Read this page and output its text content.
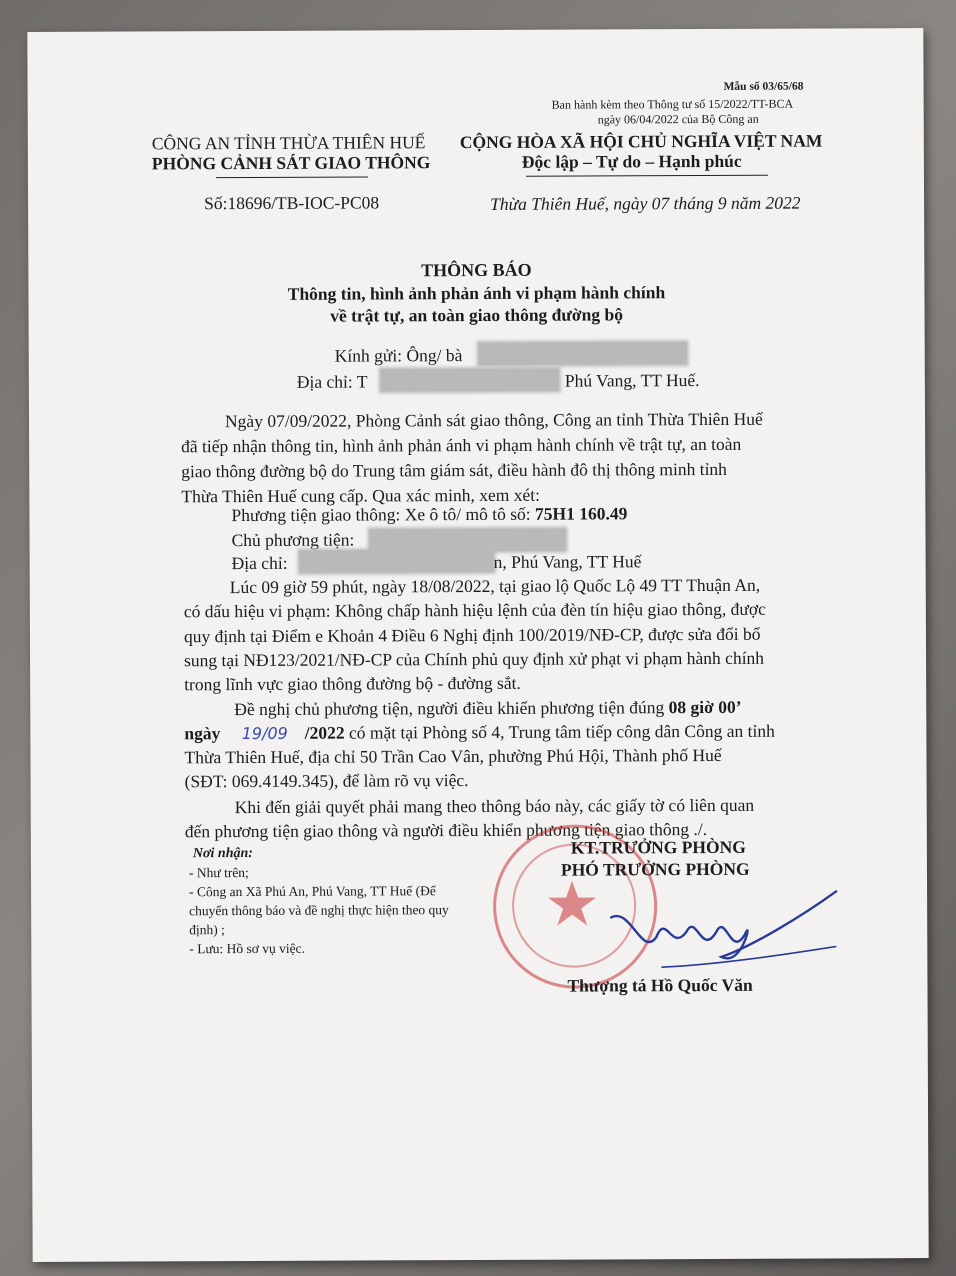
Mẫu số 03/65/68
Ban hành kèm theo Thông tư số 15/2022/TT-BCA
ngày 06/04/2022 của Bộ Công an
CÔNG AN TỈNH THỪA THIÊN HUẾ
PHÒNG CẢNH SÁT GIAO THÔNG
Số:18696/TB-IOC-PC08
CỘNG HÒA XÃ HỘI CHỦ NGHĨA VIỆT NAM
Độc lập – Tự do – Hạnh phúc
Thừa Thiên Huế, ngày 07 tháng 9 năm 2022
THÔNG BÁO
Thông tin, hình ảnh phản ánh vi phạm hành chính
về trật tự, an toàn giao thông đường bộ
Kính gửi: Ông/ bà
Địa chỉ: T	Phú Vang, TT Huế.
Ngày 07/09/2022, Phòng Cảnh sát giao thông, Công an tỉnh Thừa Thiên Huế
đã tiếp nhận thông tin, hình ảnh phản ánh vi phạm hành chính về trật tự, an toàn
giao thông đường bộ do Trung tâm giám sát, điều hành đô thị thông minh tỉnh
Thừa Thiên Huế cung cấp. Qua xác minh, xem xét:
Phương tiện giao thông: Xe ô tô/ mô tô số: 75H1 160.49
Chủ phương tiện:
Địa chỉ:	n, Phú Vang, TT Huế
Lúc 09 giờ 59 phút, ngày 18/08/2022, tại giao lộ Quốc Lộ 49 TT Thuận An,
có dấu hiệu vi phạm: Không chấp hành hiệu lệnh của đèn tín hiệu giao thông, được
quy định tại Điểm e Khoản 4 Điều 6 Nghị định 100/2019/NĐ-CP, được sửa đổi bổ
sung tại NĐ123/2021/NĐ-CP của Chính phủ quy định xử phạt vi phạm hành chính
trong lĩnh vực giao thông đường bộ - đường sắt.
Đề nghị chủ phương tiện, người điều khiển phương tiện đúng 08 giờ 00’
ngày 19/09 /2022 có mặt tại Phòng số 4, Trung tâm tiếp công dân Công an tỉnh
Thừa Thiên Huế, địa chỉ 50 Trần Cao Vân, phường Phú Hội, Thành phố Huế
(SĐT: 069.4149.345), để làm rõ vụ việc.
Khi đến giải quyết phải mang theo thông báo này, các giấy tờ có liên quan
đến phương tiện giao thông và người điều khiển phương tiện giao thông ./.
Nơi nhận:
- Như trên;
- Công an Xã Phú An, Phú Vang, TT Huế (Để
chuyển thông báo và đề nghị thực hiện theo quy
định) ;
- Lưu: Hồ sơ vụ việc.
KT.TRƯỞNG PHÒNG
PHÓ TRƯỞNG PHÒNG
Thượng tá Hồ Quốc Văn
